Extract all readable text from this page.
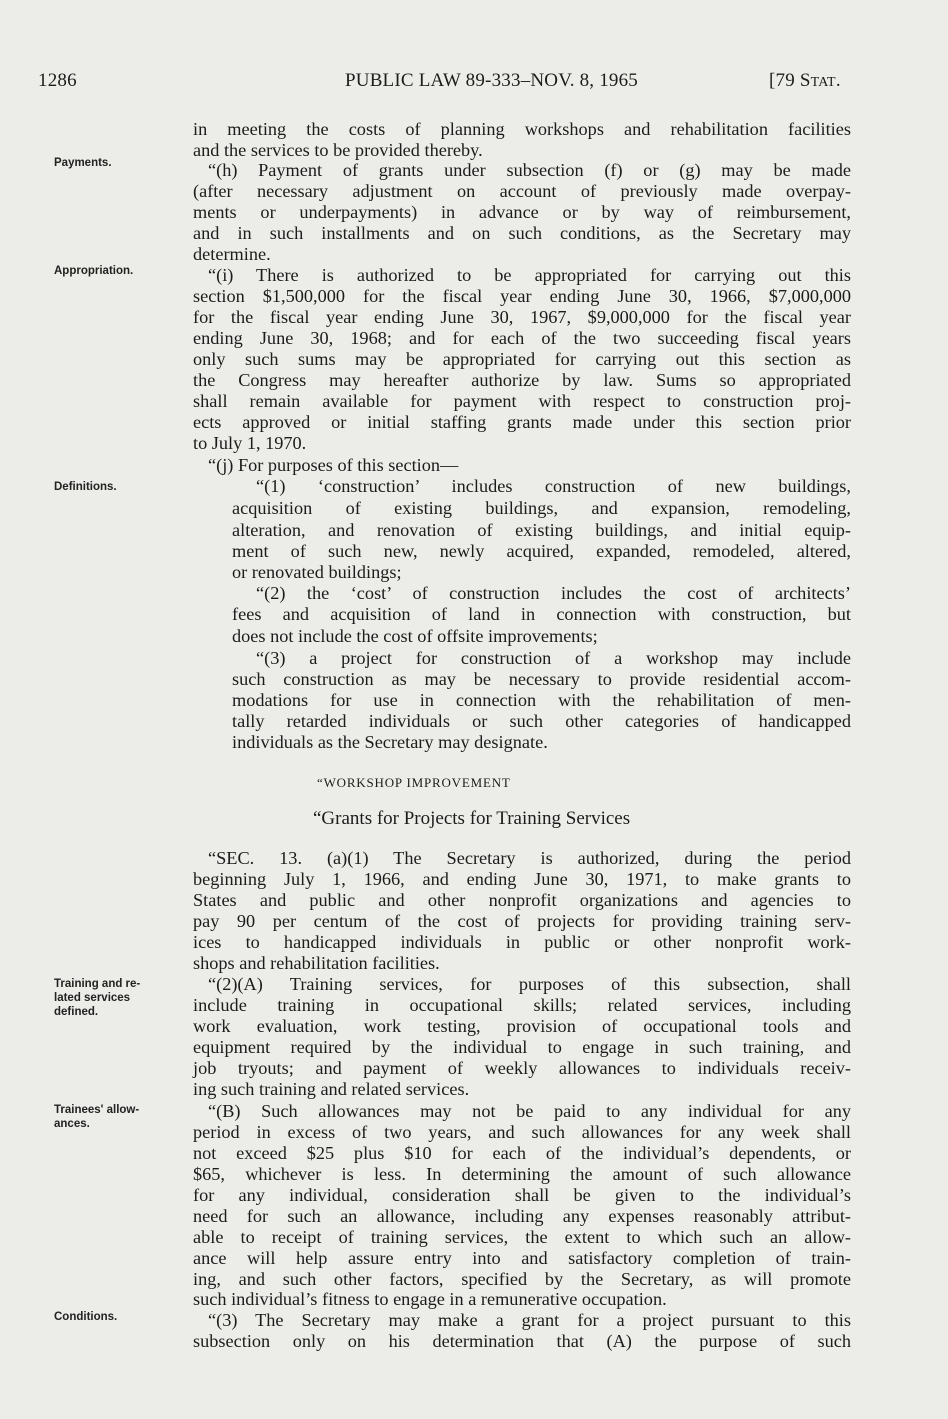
1286	PUBLIC LAW 89-333–NOV. 8, 1965	[79 STAT.
Payments.
Appropriation.
Definitions.
Training and re-
lated services
defined.
Trainees' allow-
ances.
Conditions.
in meeting the costs of planning workshops and rehabilitation facilities
and the services to be provided thereby.
“(h) Payment of grants under subsection (f) or (g) may be made
(after necessary adjustment on account of previously made overpay-
ments or underpayments) in advance or by way of reimbursement,
and in such installments and on such conditions, as the Secretary may
determine.
“(i) There is authorized to be appropriated for carrying out this
section $1,500,000 for the fiscal year ending June 30, 1966, $7,000,000
for the fiscal year ending June 30, 1967, $9,000,000 for the fiscal year
ending June 30, 1968; and for each of the two succeeding fiscal years
only such sums may be appropriated for carrying out this section as
the Congress may hereafter authorize by law. Sums so appropriated
shall remain available for payment with respect to construction proj-
ects approved or initial staffing grants made under this section prior
to July 1, 1970.
“(j) For purposes of this section—
“(1) ‘construction’ includes construction of new buildings,
acquisition of existing buildings, and expansion, remodeling,
alteration, and renovation of existing buildings, and initial equip-
ment of such new, newly acquired, expanded, remodeled, altered,
or renovated buildings;
“(2) the ‘cost’ of construction includes the cost of architects’
fees and acquisition of land in connection with construction, but
does not include the cost of offsite improvements;
“(3) a project for construction of a workshop may include
such construction as may be necessary to provide residential accom-
modations for use in connection with the rehabilitation of men-
tally retarded individuals or such other categories of handicapped
individuals as the Secretary may designate.
“WORKSHOP IMPROVEMENT
“Grants for Projects for Training Services
“SEC. 13. (a)(1) The Secretary is authorized, during the period
beginning July 1, 1966, and ending June 30, 1971, to make grants to
States and public and other nonprofit organizations and agencies to
pay 90 per centum of the cost of projects for providing training serv-
ices to handicapped individuals in public or other nonprofit work-
shops and rehabilitation facilities.
“(2)(A) Training services, for purposes of this subsection, shall
include training in occupational skills; related services, including
work evaluation, work testing, provision of occupational tools and
equipment required by the individual to engage in such training, and
job tryouts; and payment of weekly allowances to individuals receiv-
ing such training and related services.
“(B) Such allowances may not be paid to any individual for any
period in excess of two years, and such allowances for any week shall
not exceed $25 plus $10 for each of the individual’s dependents, or
$65, whichever is less. In determining the amount of such allowance
for any individual, consideration shall be given to the individual’s
need for such an allowance, including any expenses reasonably attribut-
able to receipt of training services, the extent to which such an allow-
ance will help assure entry into and satisfactory completion of train-
ing, and such other factors, specified by the Secretary, as will promote
such individual’s fitness to engage in a remunerative occupation.
“(3) The Secretary may make a grant for a project pursuant to this
subsection only on his determination that (A) the purpose of such
